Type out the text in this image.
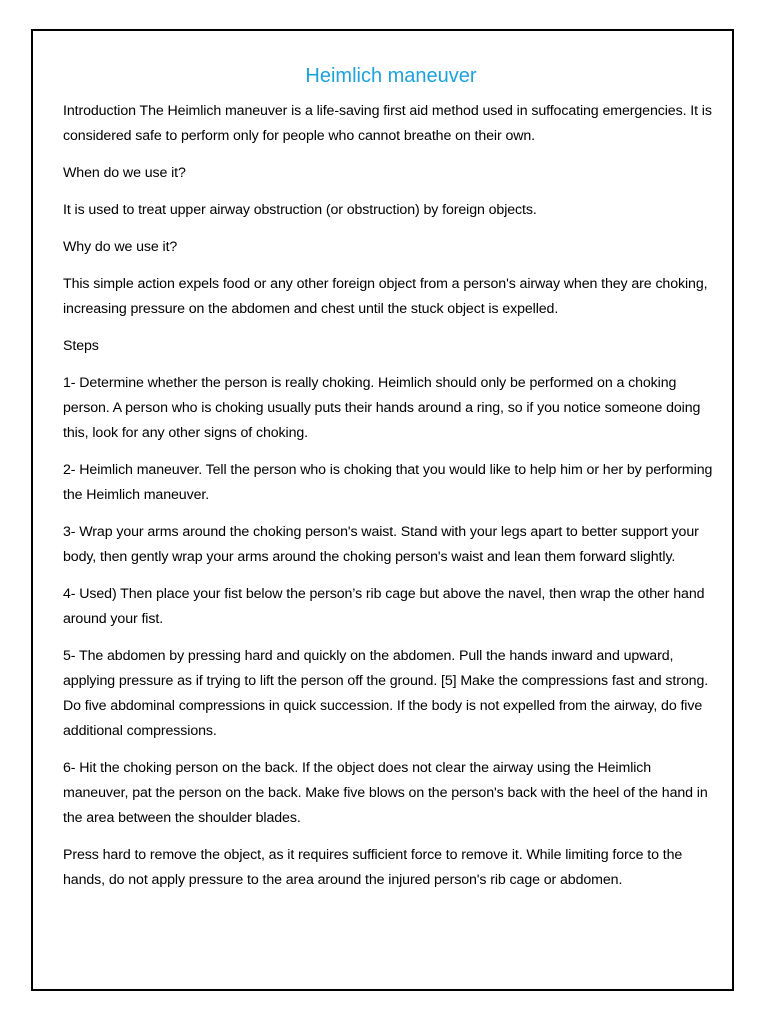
Heimlich maneuver

Introduction The Heimlich maneuver is a life-saving first aid method used in suffocating emergencies. It is considered safe to perform only for people who cannot breathe on their own.

When do we use it?

It is used to treat upper airway obstruction (or obstruction) by foreign objects.

Why do we use it?

This simple action expels food or any other foreign object from a person's airway when they are choking, increasing pressure on the abdomen and chest until the stuck object is expelled.

Steps

1- Determine whether the person is really choking. Heimlich should only be performed on a choking person. A person who is choking usually puts their hands around a ring, so if you notice someone doing this, look for any other signs of choking.

2- Heimlich maneuver. Tell the person who is choking that you would like to help him or her by performing the Heimlich maneuver.

3- Wrap your arms around the choking person's waist. Stand with your legs apart to better support your body, then gently wrap your arms around the choking person's waist and lean them forward slightly.

4- Used) Then place your fist below the person’s rib cage but above the navel, then wrap the other hand around your fist.

5- The abdomen by pressing hard and quickly on the abdomen. Pull the hands inward and upward, applying pressure as if trying to lift the person off the ground. [5] Make the compressions fast and strong. Do five abdominal compressions in quick succession. If the body is not expelled from the airway, do five additional compressions.

6- Hit the choking person on the back. If the object does not clear the airway using the Heimlich maneuver, pat the person on the back. Make five blows on the person's back with the heel of the hand in the area between the shoulder blades.

Press hard to remove the object, as it requires sufficient force to remove it. While limiting force to the hands, do not apply pressure to the area around the injured person's rib cage or abdomen.
